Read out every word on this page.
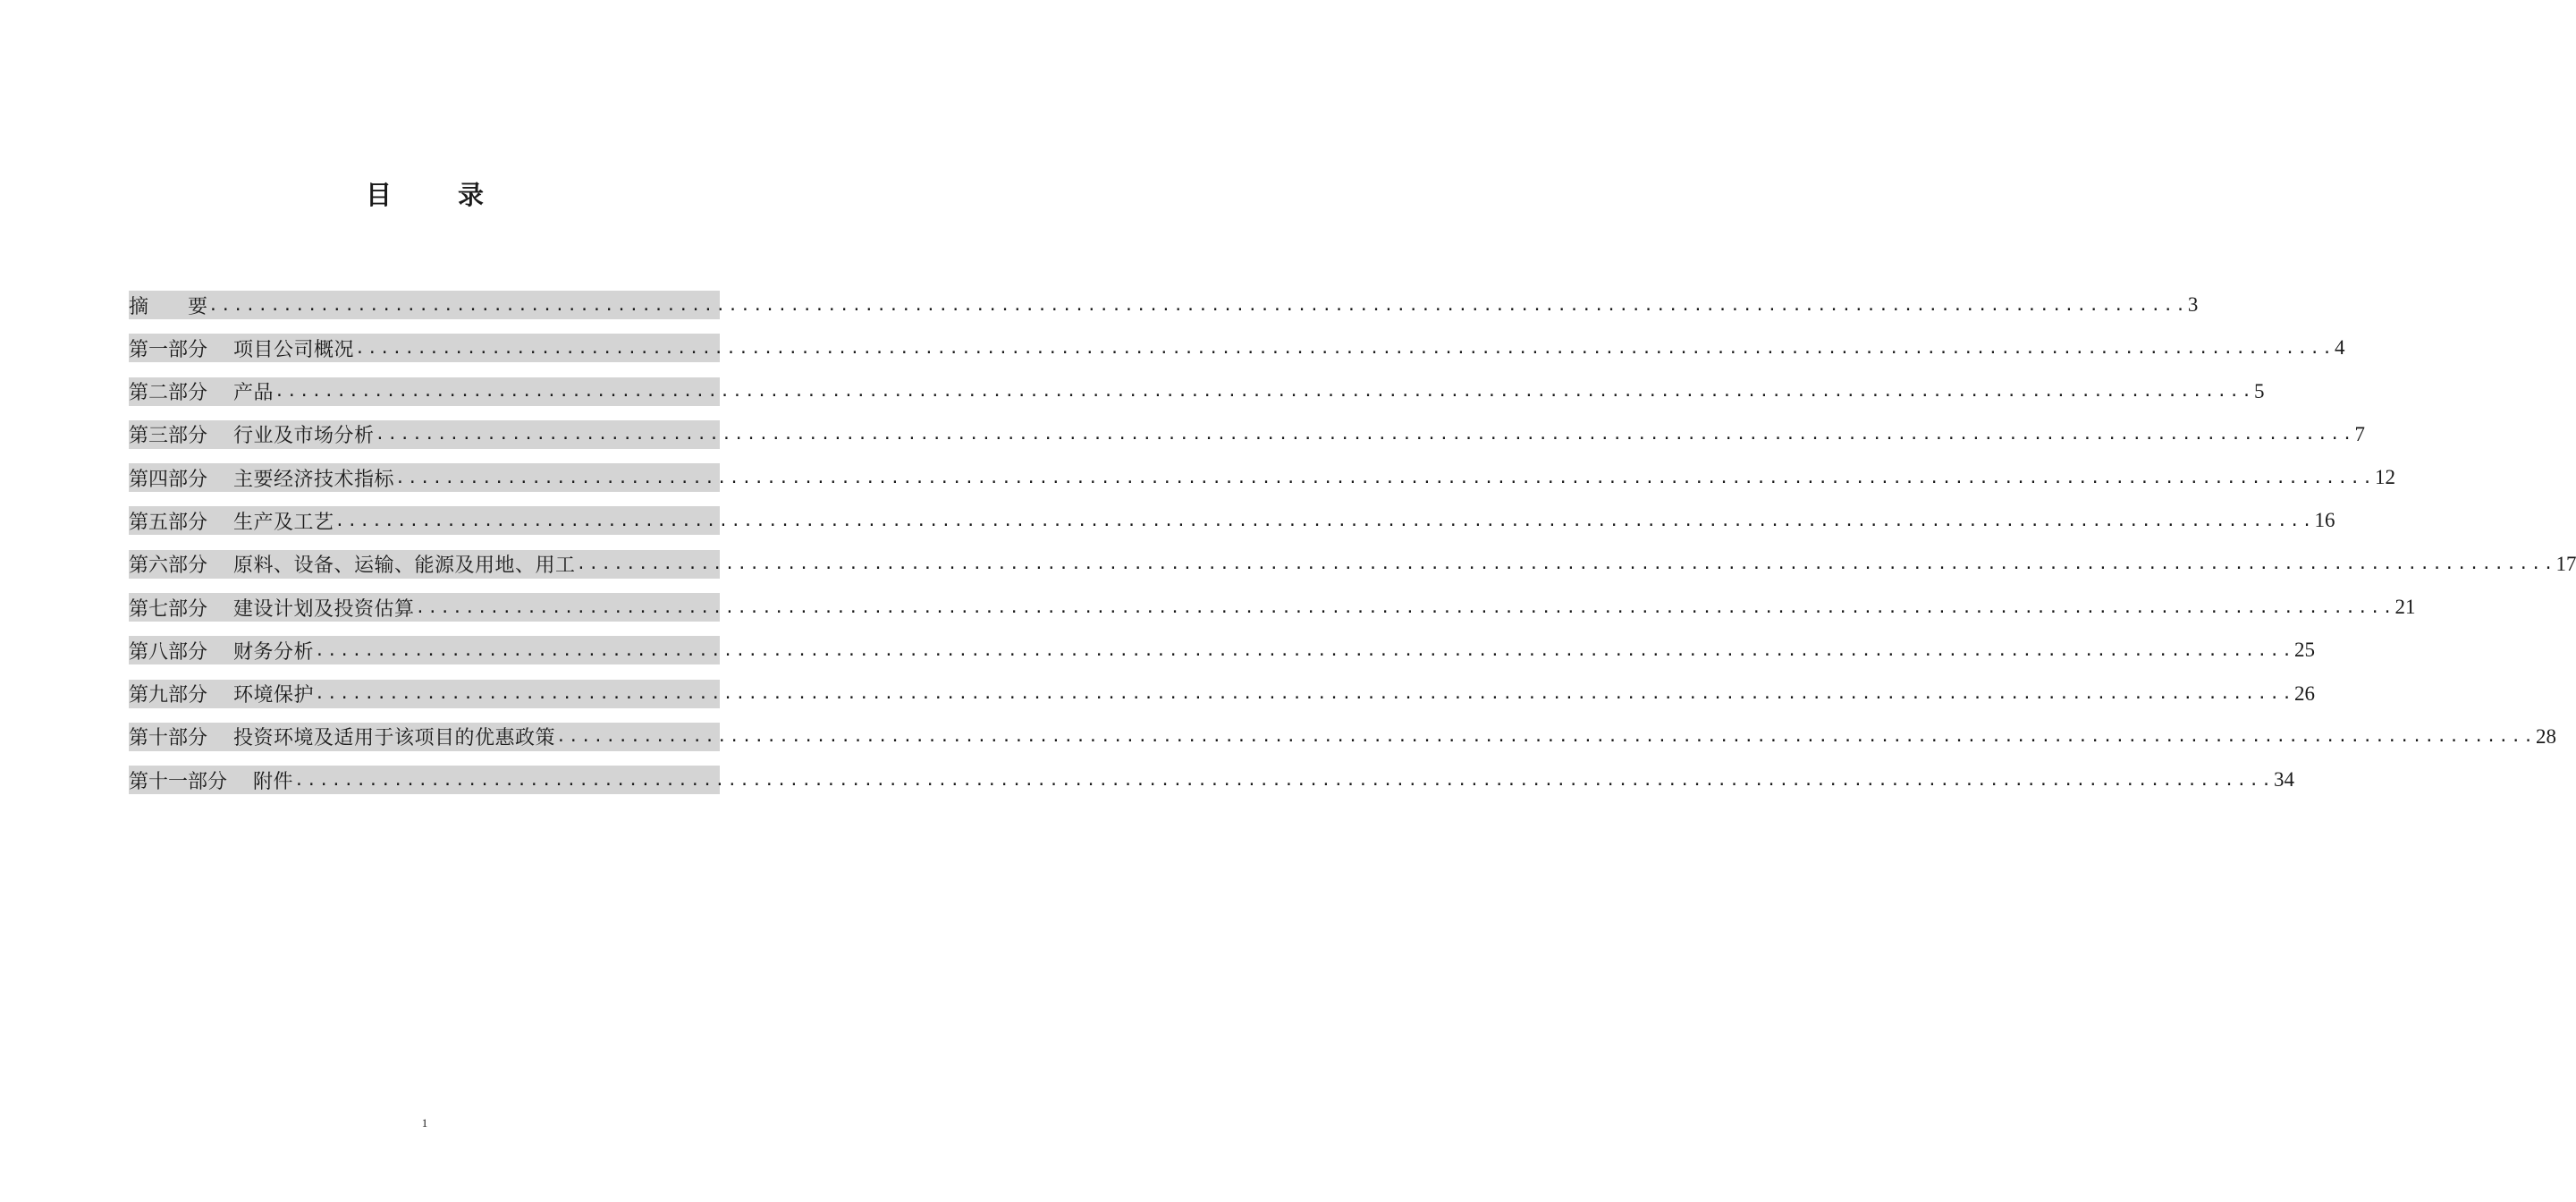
目	录
摘　　要 ................................................................................................................................................................ 3
第一部分 项目公司概况 ................................................................................................................................................................ 4
第二部分 产品 ................................................................................................................................................................ 5
第三部分 行业及市场分析 ................................................................................................................................................................ 7
第四部分 主要经济技术指标 ................................................................................................................................................................ 12
第五部分 生产及工艺 ................................................................................................................................................................ 16
第六部分 原料、设备、运输、能源及用地、用工 ................................................................................................................................................................ 17
第七部分 建设计划及投资估算 ................................................................................................................................................................ 21
第八部分 财务分析 ................................................................................................................................................................ 25
第九部分 环境保护 ................................................................................................................................................................ 26
第十部分 投资环境及适用于该项目的优惠政策 ................................................................................................................................................................ 28
第十一部分 附件 ................................................................................................................................................................ 34
1
